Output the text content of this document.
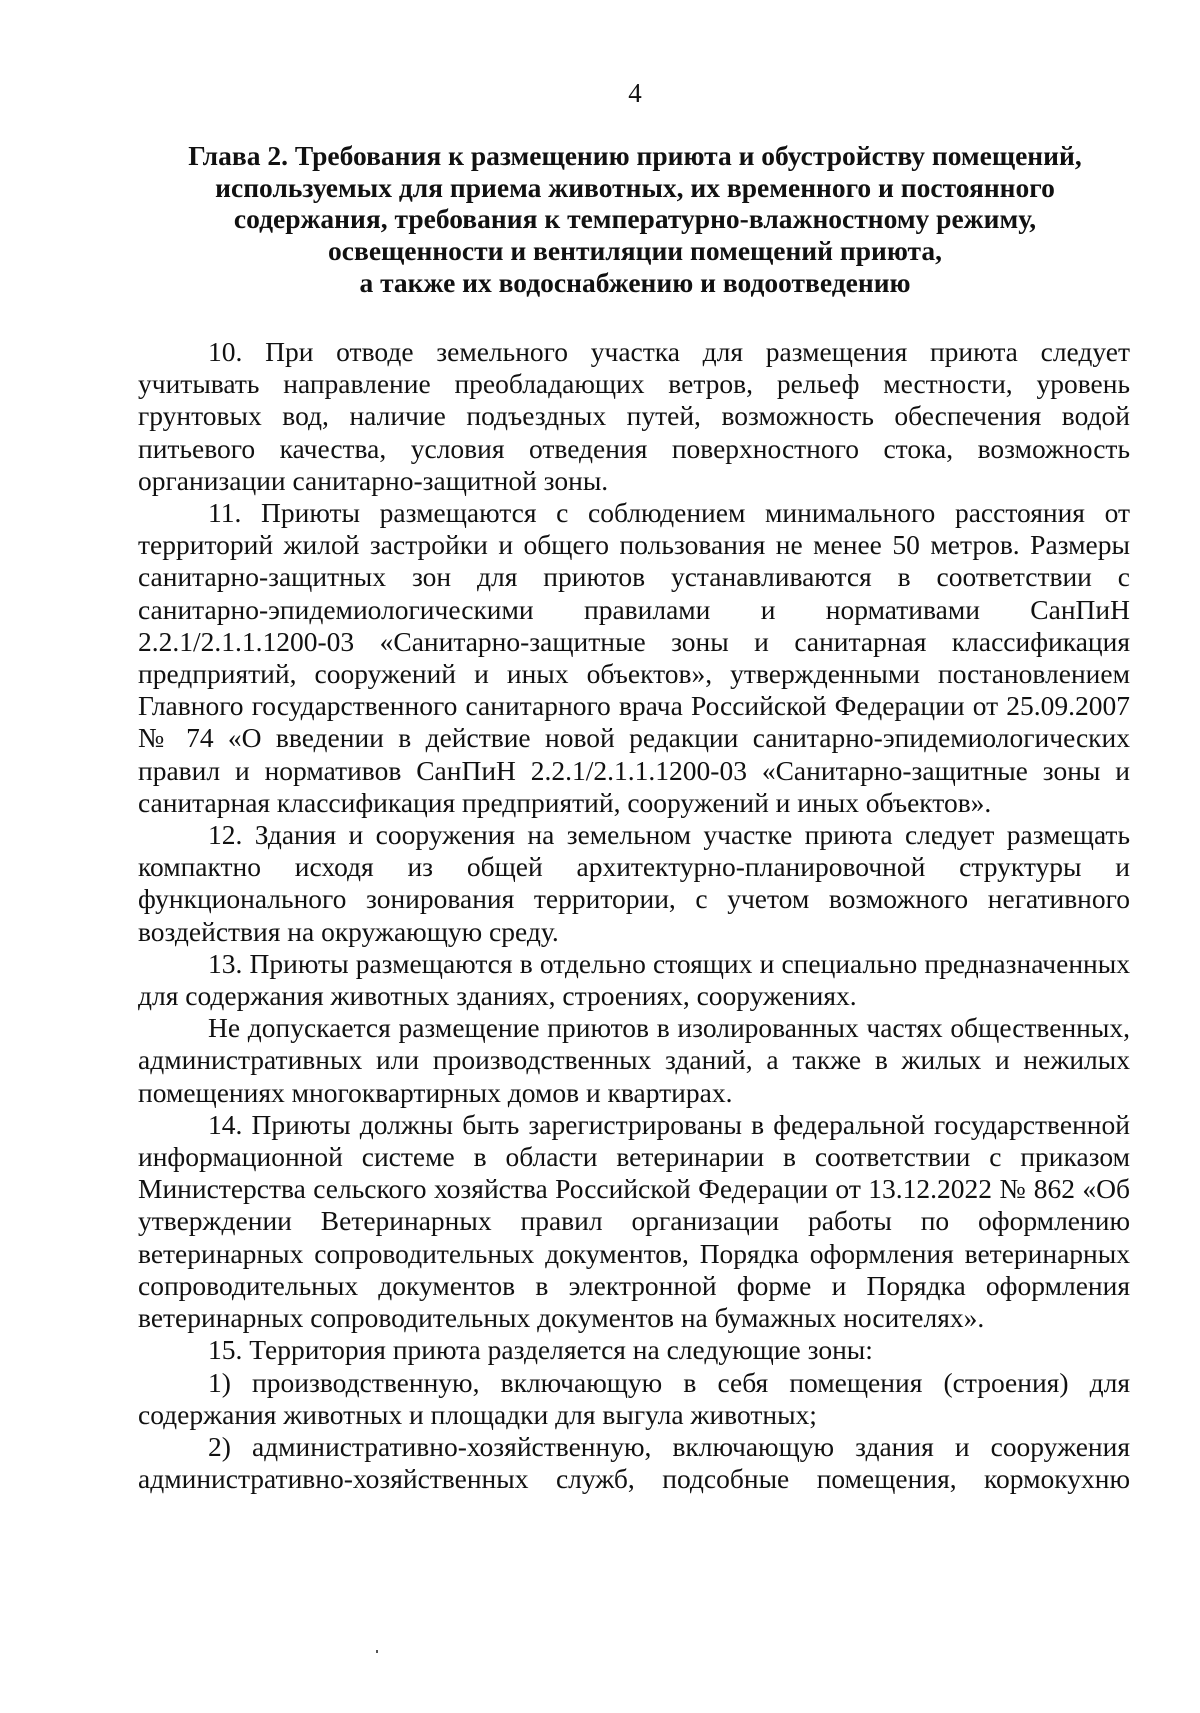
4
Глава 2. Требования к размещению приюта и обустройству помещений,
используемых для приема животных, их временного и постоянного
содержания, требования к температурно-влажностному режиму,
освещенности и вентиляции помещений приюта,
а также их водоснабжению и водоотведению

10. При отводе земельного участка для размещения приюта следует учитывать направление преобладающих ветров, рельеф местности, уровень грунтовых вод, наличие подъездных путей, возможность обеспечения водой питьевого качества, условия отведения поверхностного стока, возможность организации санитарно-защитной зоны.

11. Приюты размещаются с соблюдением минимального расстояния от территорий жилой застройки и общего пользования не менее 50 метров. Размеры санитарно-защитных зон для приютов устанавливаются в соответствии с санитарно-эпидемиологическими правилами и нормативами СанПиН 2.2.1/2.1.1.1200-03 «Санитарно-защитные зоны и санитарная классификация предприятий, сооружений и иных объектов», утвержденными постановлением Главного государственного санитарного врача Российской Федерации от 25.09.2007 № 74 «О введении в действие новой редакции санитарно-эпидемиологических правил и нормативов СанПиН 2.2.1/2.1.1.1200-03 «Санитарно-защитные зоны и санитарная классификация предприятий, сооружений и иных объектов».

12. Здания и сооружения на земельном участке приюта следует размещать компактно исходя из общей архитектурно-планировочной структуры и функционального зонирования территории, с учетом возможного негативного воздействия на окружающую среду.

13. Приюты размещаются в отдельно стоящих и специально предназначенных для содержания животных зданиях, строениях, сооружениях.

Не допускается размещение приютов в изолированных частях общественных, административных или производственных зданий, а также в жилых и нежилых помещениях многоквартирных домов и квартирах.

14. Приюты должны быть зарегистрированы в федеральной государственной информационной системе в области ветеринарии в соответствии с приказом Министерства сельского хозяйства Российской Федерации от 13.12.2022 № 862 «Об утверждении Ветеринарных правил организации работы по оформлению ветеринарных сопроводительных документов, Порядка оформления ветеринарных сопроводительных документов в электронной форме и Порядка оформления ветеринарных сопроводительных документов на бумажных носителях».

15. Территория приюта разделяется на следующие зоны:

1) производственную, включающую в себя помещения (строения) для содержания животных и площадки для выгула животных;

2) административно-хозяйственную, включающую здания и сооружения административно-хозяйственных служб, подсобные помещения, кормокухню
